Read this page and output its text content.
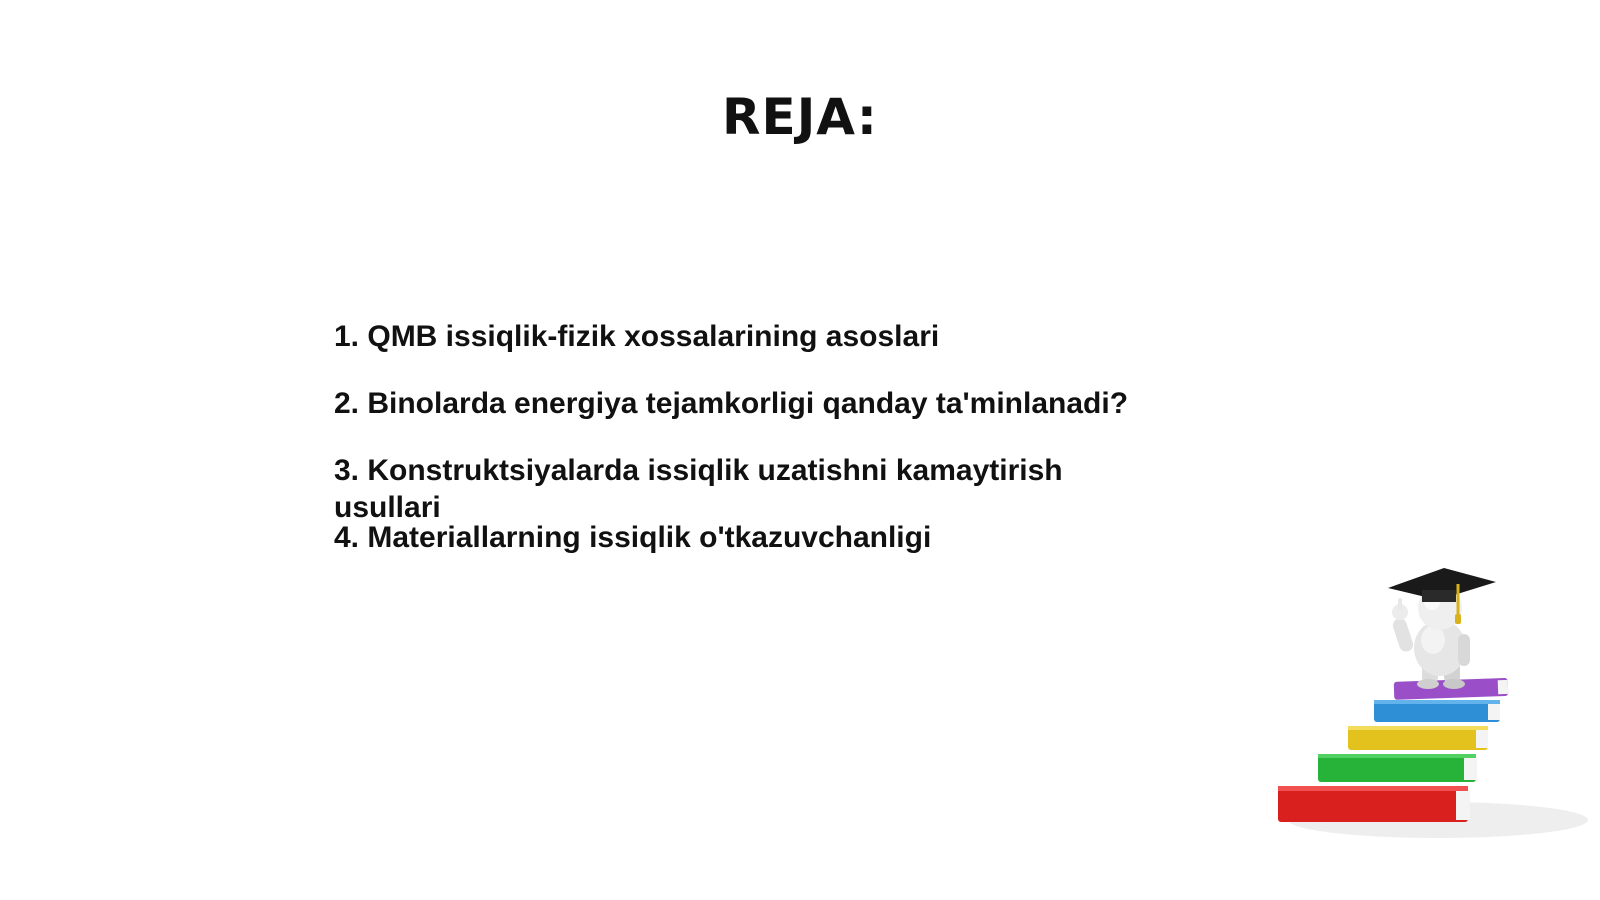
REJA:
1. QMB issiqlik-fizik xossalarining asoslari
2. Binolarda energiya tejamkorligi qanday ta'minlanadi?
3. Konstruktsiyalarda issiqlik uzatishni kamaytirish usullari
4. Materiallarning issiqlik o'tkazuvchanligi
